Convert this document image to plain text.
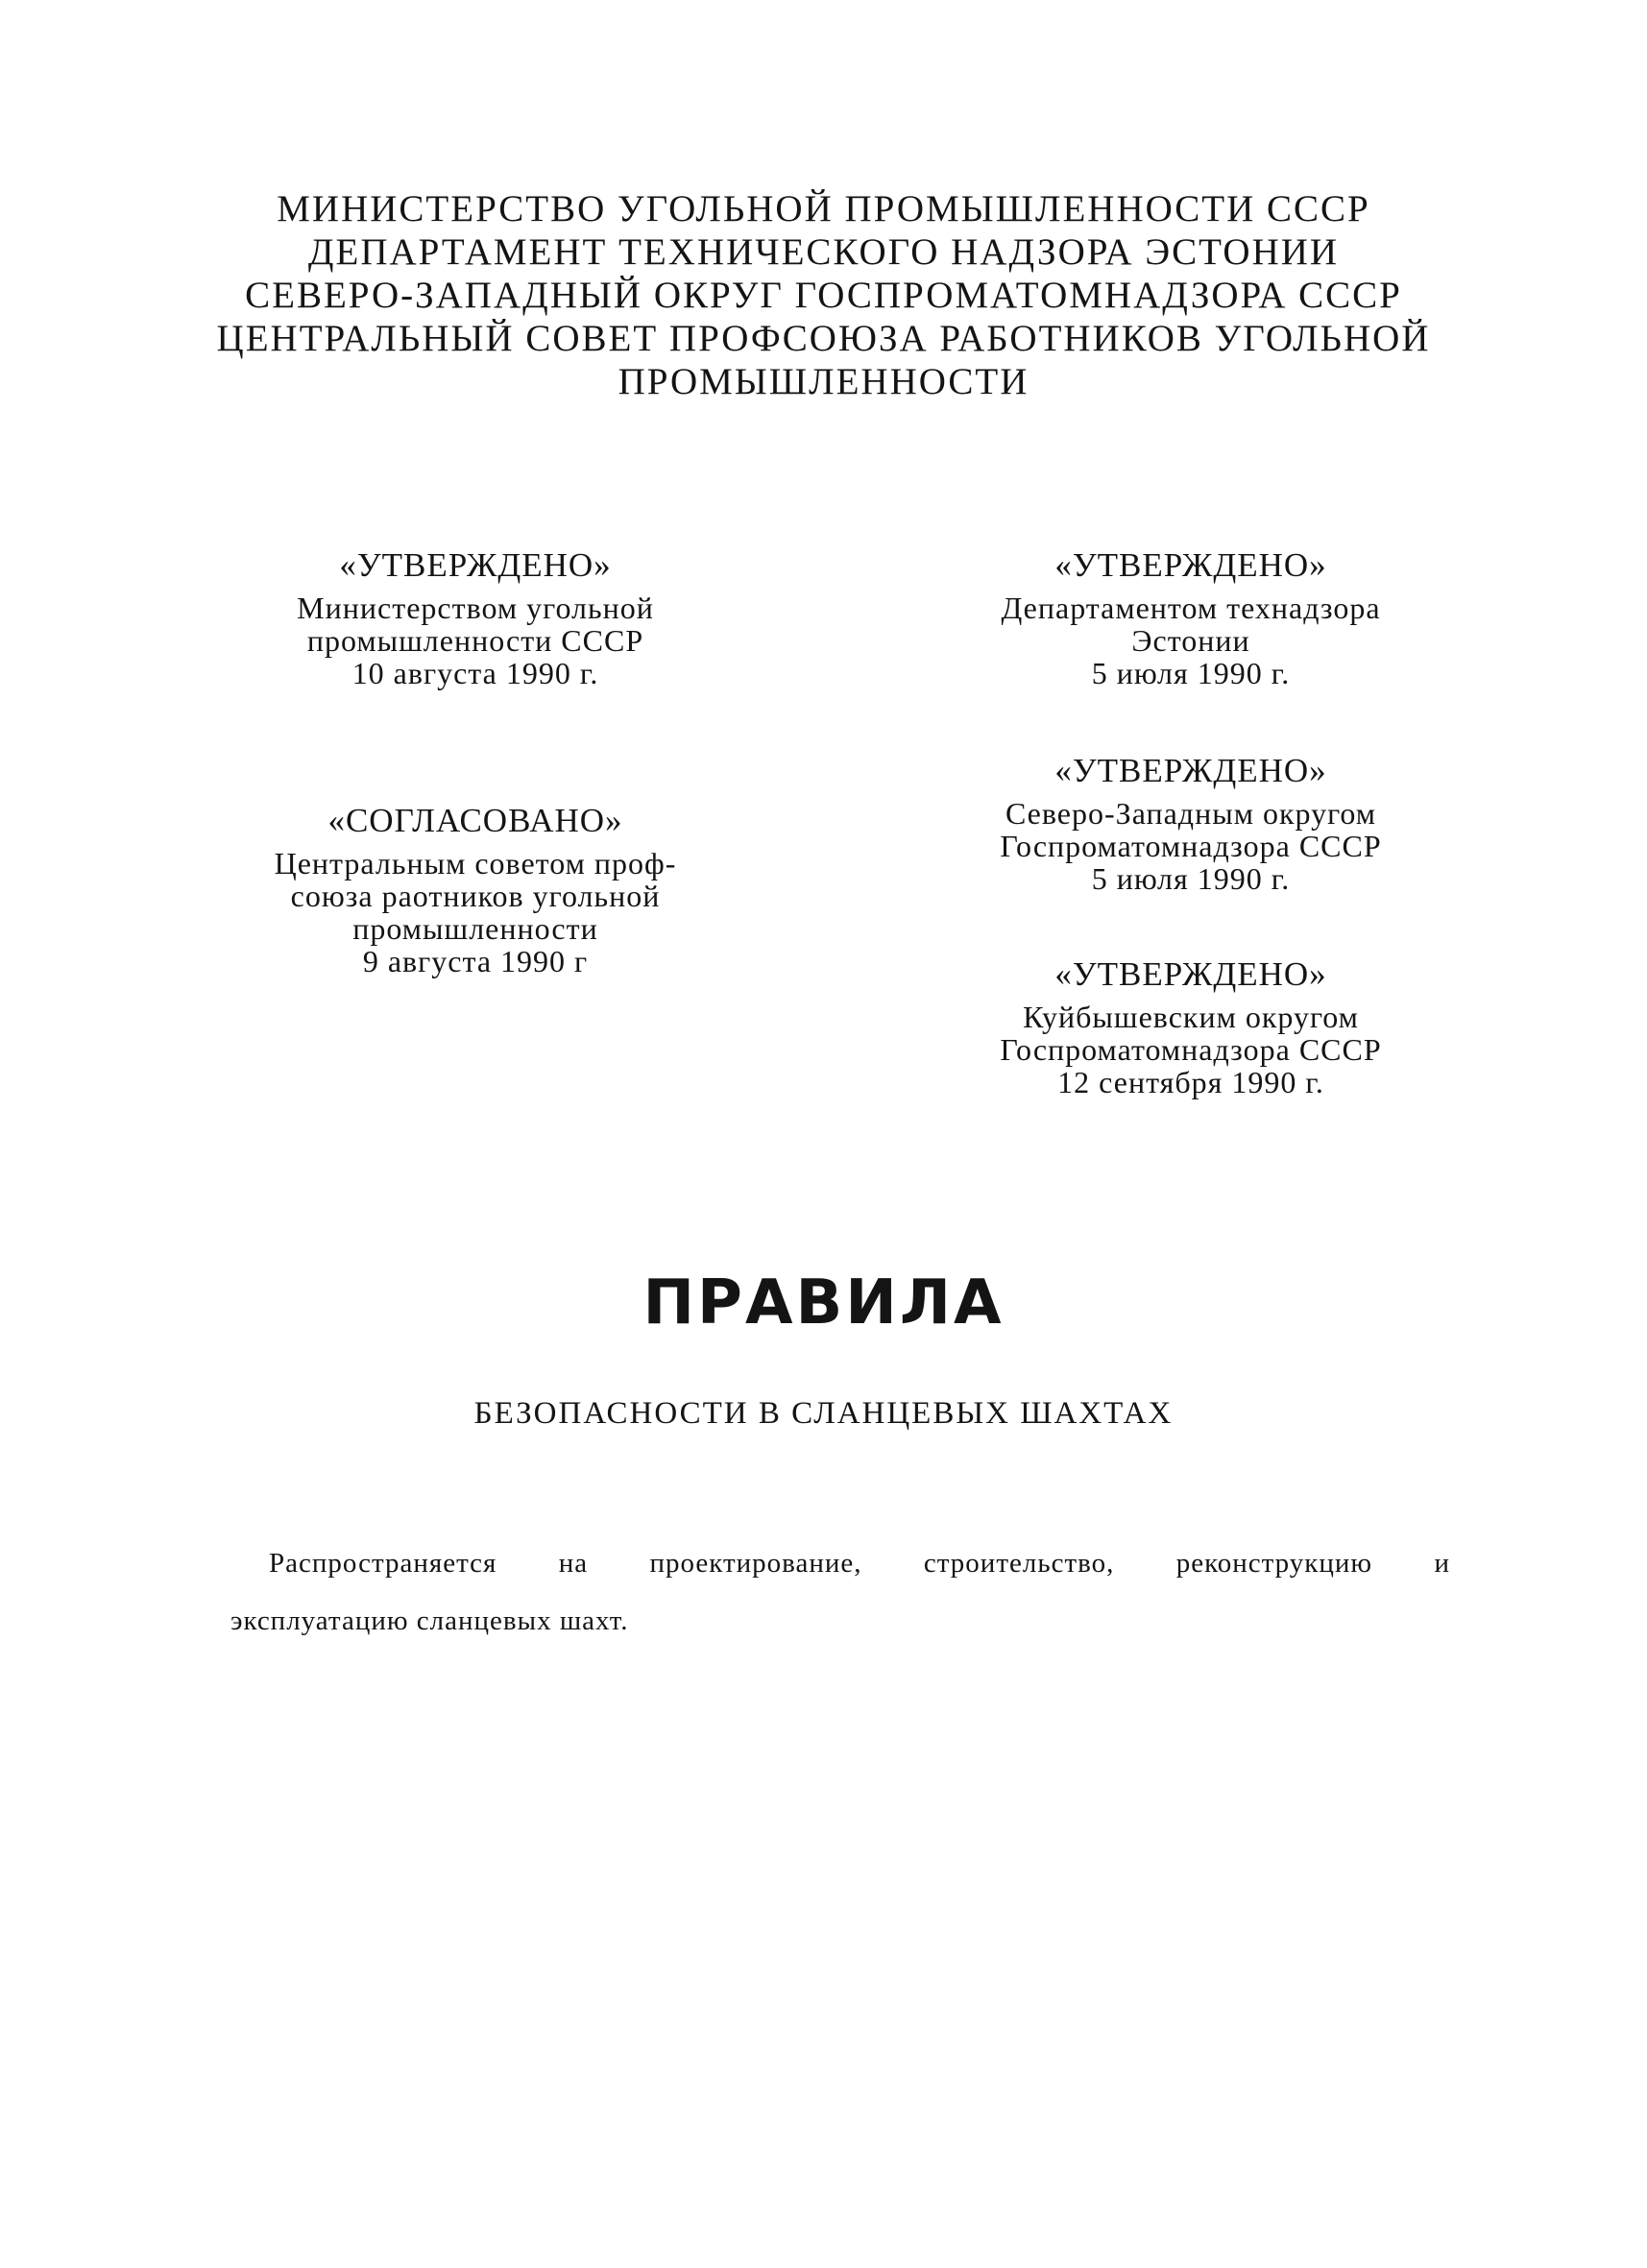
МИНИСТЕРСТВО УГОЛЬНОЙ ПРОМЫШЛЕННОСТИ СССР
ДЕПАРТАМЕНТ ТЕХНИЧЕСКОГО НАДЗОРА ЭСТОНИИ
СЕВЕРО-ЗАПАДНЫЙ ОКРУГ ГОСПРОМАТОМНАДЗОРА СССР
ЦЕНТРАЛЬНЫЙ СОВЕТ ПРОФСОЮЗА РАБОТНИКОВ УГОЛЬНОЙ
ПРОМЫШЛЕННОСТИ
«УТВЕРЖДЕНО»
Министерством угольной
промышленности СССР
10 августа 1990 г.
«СОГЛАСОВАНО»
Центральным советом проф-
союза раотников угольной
промышленности
9 августа 1990 г
«УТВЕРЖДЕНО»
Департаментом технадзора
Эстонии
5 июля 1990 г.
«УТВЕРЖДЕНО»
Северо-Западным округом
Госпроматомнадзора СССР
5 июля 1990 г.
«УТВЕРЖДЕНО»
Куйбышевским округом
Госпроматомнадзора СССР
12 сентября 1990 г.
ПРАВИЛА
БЕЗОПАСНОСТИ В СЛАНЦЕВЫХ ШАХТАХ
Распространяется на проектирование, строительство, реконструкцию и
эксплуатацию сланцевых шахт.
